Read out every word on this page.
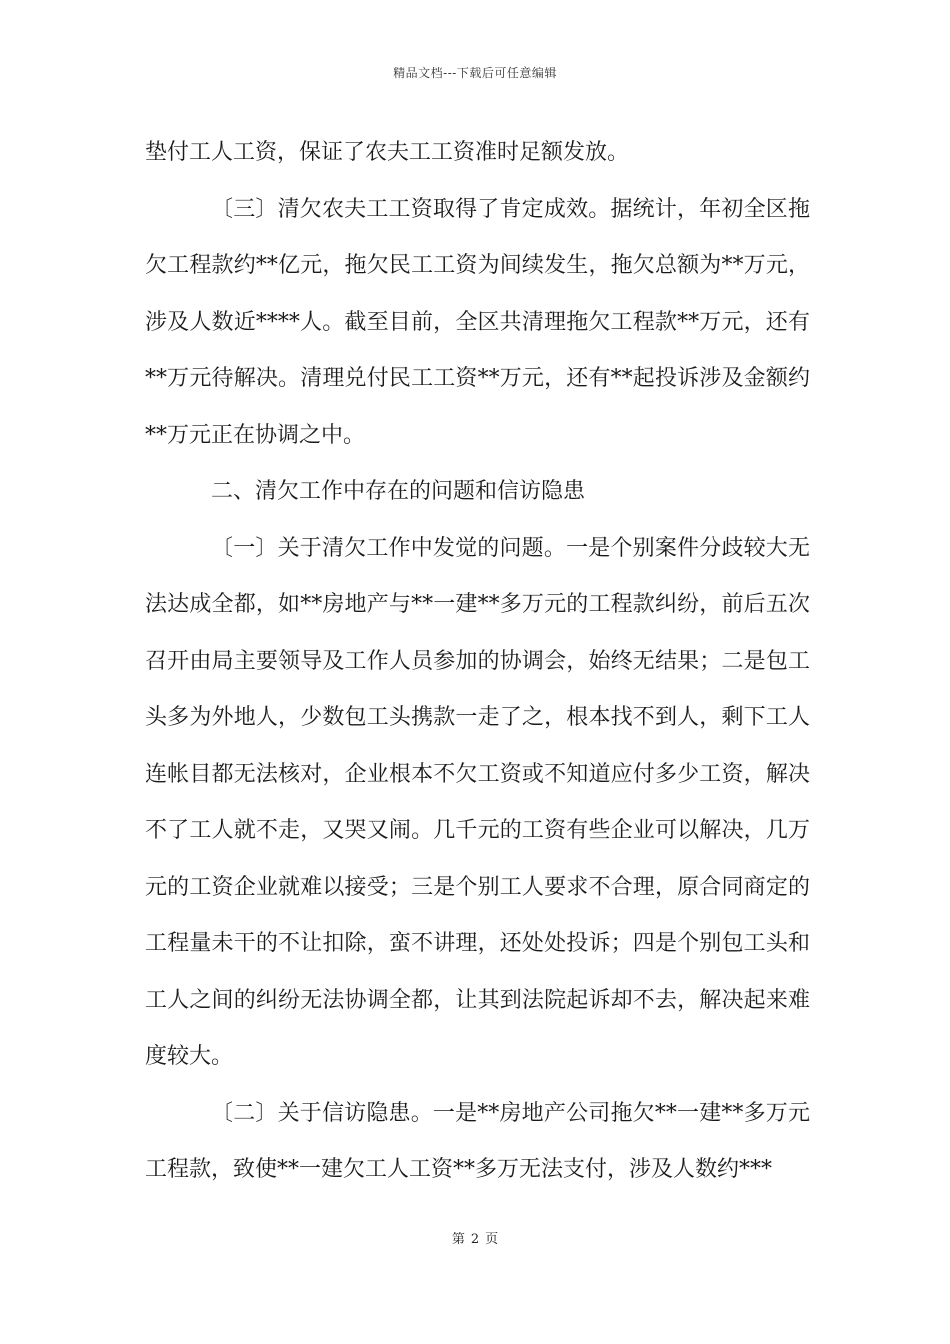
精品文档---下载后可任意编辑

垫付工人工资，保证了农夫工工资准时足额发放。

〔三〕清欠农夫工工资取得了肯定成效。据统计，年初全区拖欠工程款约**亿元，拖欠民工工资为间续发生，拖欠总额为**万元，涉及人数近****人。截至目前，全区共清理拖欠工程款**万元，还有**万元待解决。清理兑付民工工资**万元，还有**起投诉涉及金额约**万元正在协调之中。

二、清欠工作中存在的问题和信访隐患

〔一〕关于清欠工作中发觉的问题。一是个别案件分歧较大无法达成全都，如**房地产与**一建**多万元的工程款纠纷，前后五次召开由局主要领导及工作人员参加的协调会，始终无结果；二是包工头多为外地人，少数包工头携款一走了之，根本找不到人，剩下工人连帐目都无法核对，企业根本不欠工资或不知道应付多少工资，解决不了工人就不走，又哭又闹。几千元的工资有些企业可以解决，几万元的工资企业就难以接受；三是个别工人要求不合理，原合同商定的工程量未干的不让扣除，蛮不讲理，还处处投诉；四是个别包工头和工人之间的纠纷无法协调全都，让其到法院起诉却不去，解决起来难度较大。

〔二〕关于信访隐患。一是**房地产公司拖欠**一建**多万元工程款，致使**一建欠工人工资**多万无法支付，涉及人数约***

第 2 页
